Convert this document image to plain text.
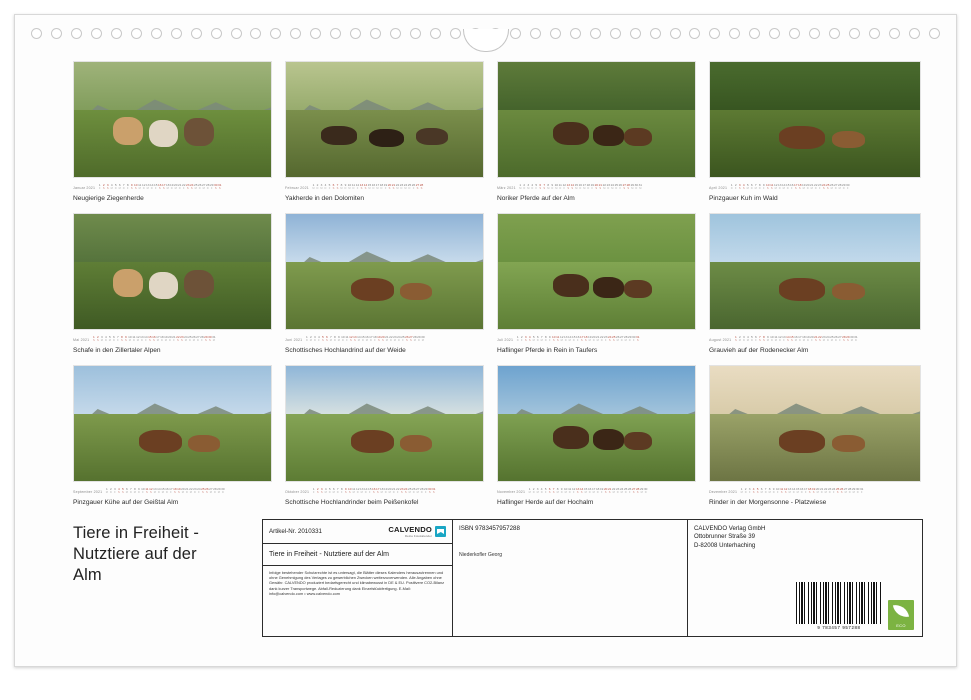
Januar 2021
1
F
2
S
3
S
4
M
5
D
6
M
7
D
8
F
9
S
10
S
11
M
12
D
13
M
14
D
15
F
16
S
17
S
18
M
19
D
20
M
21
D
22
F
23
S
24
S
25
M
26
D
27
M
28
D
29
F
30
S
31
S
Neugierige Ziegenherde
Februar 2021
1
M
2
D
3
M
4
D
5
F
6
S
7
S
8
M
9
D
10
M
11
D
12
F
13
S
14
S
15
M
16
D
17
M
18
D
19
F
20
S
21
S
22
M
23
D
24
M
25
D
26
F
27
S
28
S
Yakherde in den Dolomiten
März 2021
1
M
2
D
3
M
4
D
5
F
6
S
7
S
8
M
9
D
10
M
11
D
12
F
13
S
14
S
15
M
16
D
17
M
18
D
19
F
20
S
21
S
22
M
23
D
24
M
25
D
26
F
27
S
28
S
29
M
30
D
31
M
Noriker Pferde auf der Alm
April 2021
1
D
2
F
3
S
4
S
5
M
6
D
7
M
8
D
9
F
10
S
11
S
12
M
13
D
14
M
15
D
16
F
17
S
18
S
19
M
20
D
21
M
22
D
23
F
24
S
25
S
26
M
27
D
28
M
29
D
30
F
Pinzgauer Kuh im Wald
Mai 2021
1
S
2
S
3
M
4
D
5
M
6
D
7
F
8
S
9
S
10
M
11
D
12
M
13
D
14
F
15
S
16
S
17
M
18
D
19
M
20
D
21
F
22
S
23
S
24
M
25
D
26
M
27
D
28
F
29
S
30
S
31
M
Schafe in den Zillertaler Alpen
Juni 2021
1
D
2
M
3
D
4
F
5
S
6
S
7
M
8
D
9
M
10
D
11
F
12
S
13
S
14
M
15
D
16
M
17
D
18
F
19
S
20
S
21
M
22
D
23
M
24
D
25
F
26
S
27
S
28
M
29
D
30
M
Schottisches Hochlandrind auf der Weide
Juli 2021
1
D
2
F
3
S
4
S
5
M
6
D
7
M
8
D
9
F
10
S
11
S
12
M
13
D
14
M
15
D
16
F
17
S
18
S
19
M
20
D
21
M
22
D
23
F
24
S
25
S
26
M
27
D
28
M
29
D
30
F
31
S
Haflinger Pferde in Rein in Taufers
August 2021
1
S
2
M
3
D
4
M
5
D
6
F
7
S
8
S
9
M
10
D
11
M
12
D
13
F
14
S
15
S
16
M
17
D
18
M
19
D
20
F
21
S
22
S
23
M
24
D
25
M
26
D
27
F
28
S
29
S
30
M
31
D
Grauvieh auf der Rodenecker Alm
September 2021
1
M
2
D
3
F
4
S
5
S
6
M
7
D
8
M
9
D
10
F
11
S
12
S
13
M
14
D
15
M
16
D
17
F
18
S
19
S
20
M
21
D
22
M
23
D
24
F
25
S
26
S
27
M
28
D
29
M
30
D
Pinzgauer Kühe auf der Geißtal Alm
Oktober 2021
1
F
2
S
3
S
4
M
5
D
6
M
7
D
8
F
9
S
10
S
11
M
12
D
13
M
14
D
15
F
16
S
17
S
18
M
19
D
20
M
21
D
22
F
23
S
24
S
25
M
26
D
27
M
28
D
29
F
30
S
31
S
Schottische Hochlandrinder beim Peißenkofel
November 2021
1
M
2
D
3
M
4
D
5
F
6
S
7
S
8
M
9
D
10
M
11
D
12
F
13
S
14
S
15
M
16
D
17
M
18
D
19
F
20
S
21
S
22
M
23
D
24
M
25
D
26
F
27
S
28
S
29
M
30
D
Haflinger Herde auf der Hochalm
Dezember 2021
1
M
2
D
3
F
4
S
5
S
6
M
7
D
8
M
9
D
10
F
11
S
12
S
13
M
14
D
15
M
16
D
17
F
18
S
19
S
20
M
21
D
22
M
23
D
24
F
25
S
26
S
27
M
28
D
29
M
30
D
31
F
Rinder in der Morgensonne - Platzwiese
Tiere in Freiheit -
Nutztiere auf der
Alm
Artikel-Nr. 2010331	CALVENDO
Deine Fotokalender
Tiere in Freiheit - Nutztiere auf der Alm
Infolge bestehender Schutzrechte ist es untersagt, die Blätter dieses Kalenders herauszutrennen und ohne Genehmigung des Verlages zu gewerblichen Zwecken weiterzuverwenden. Alle Angaben ohne Gewähr. CALVENDO produziert bedarfsgerecht und klimabewusst in DE & EU. Positivere CO2-Bilanz dank kurzer Transportwege. Abfall-Reduzierung dank Einzelstückfertigung. E-Mail: info@calvendo.com • www.calvendo.com
ISBN 9783457957288
Niederkofler Georg
CALVENDO Verlag GmbH
Ottobrunner Straße 39
D-82008 Unterhaching
9 783457 957288	ECO
